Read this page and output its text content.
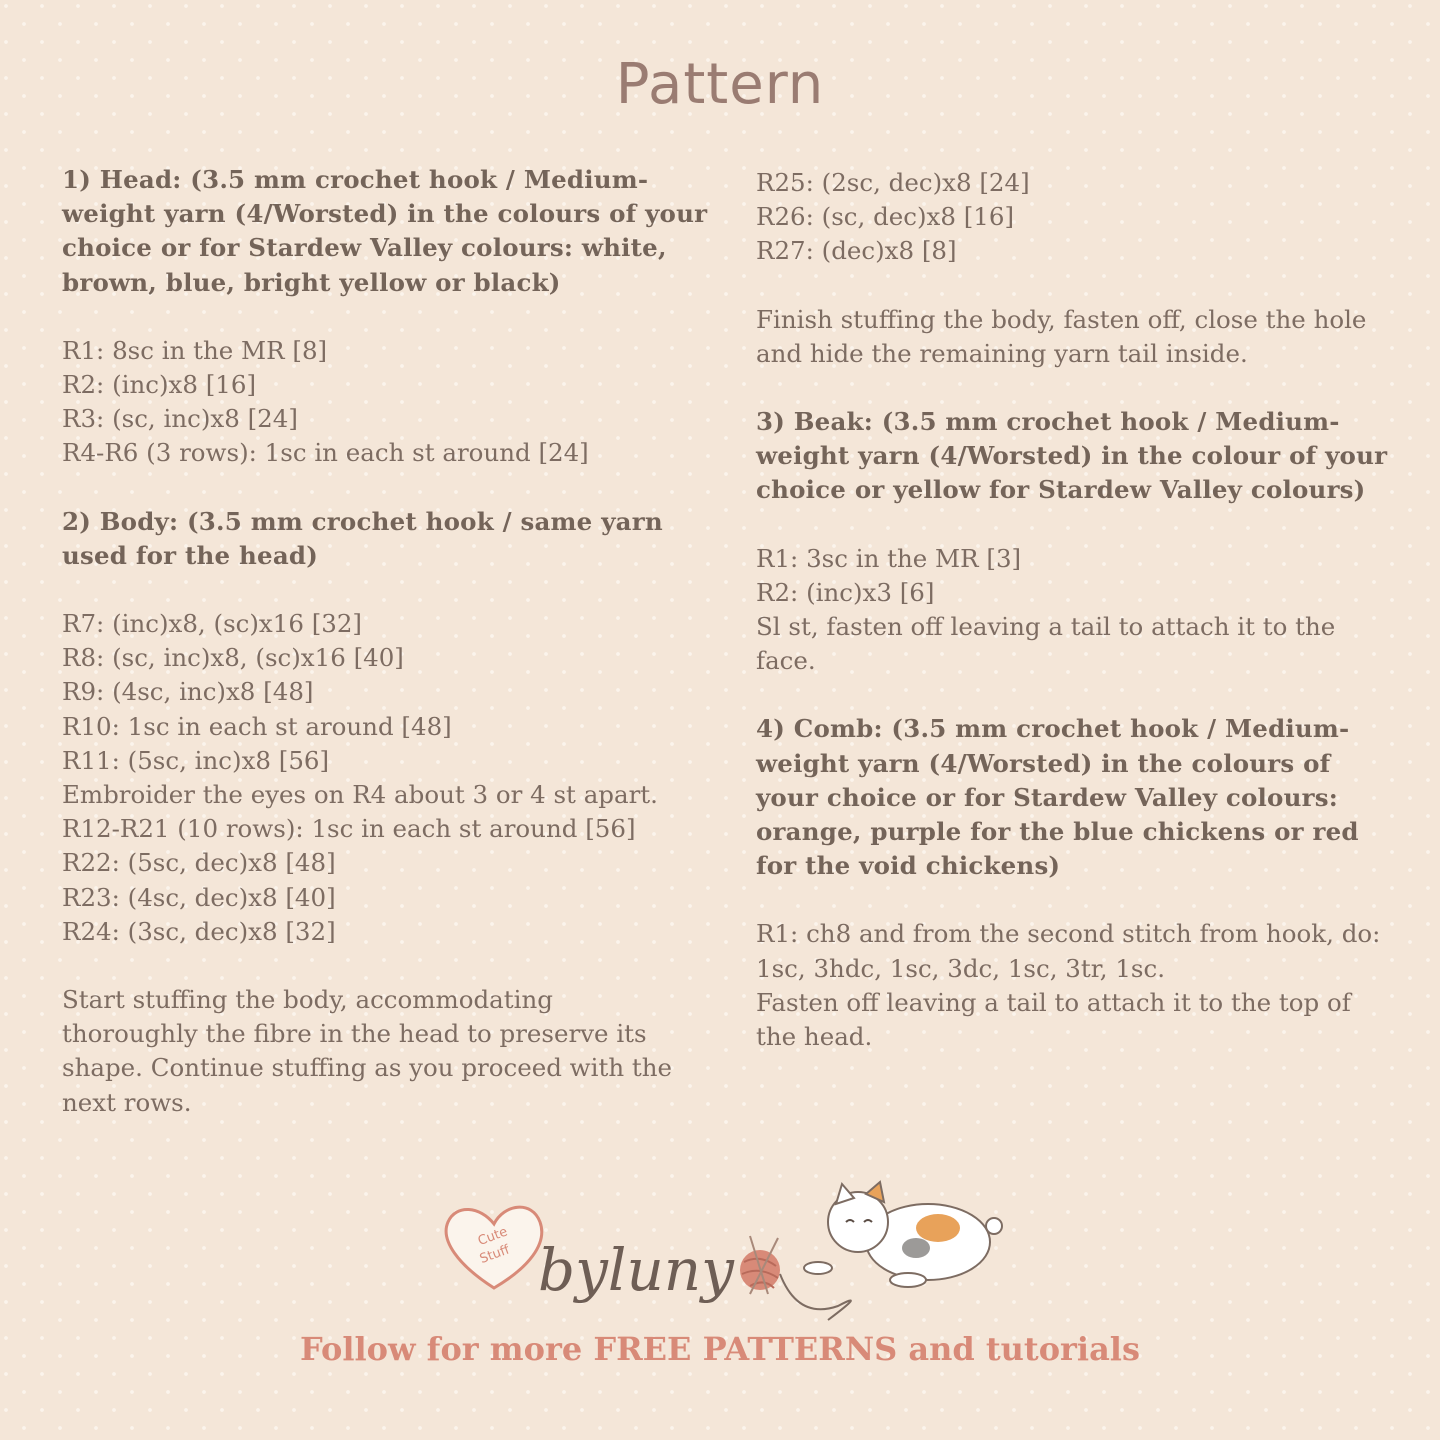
Pattern

1) Head: (3.5 mm crochet hook / Medium-weight yarn (4/Worsted) in the colours of your choice or for Stardew Valley colours: white, brown, blue, bright yellow or black)

R1: 8sc in the MR [8]

R2: (inc)x8 [16]

R3: (sc, inc)x8 [24]

R4-R6 (3 rows): 1sc in each st around [24]

2) Body: (3.5 mm crochet hook / same yarn used for the head)

R7: (inc)x8, (sc)x16 [32]

R8: (sc, inc)x8, (sc)x16 [40]

R9: (4sc, inc)x8 [48]

R10: 1sc in each st around [48]

R11: (5sc, inc)x8 [56]

Embroider the eyes on R4 about 3 or 4 st apart.

R12-R21 (10 rows): 1sc in each st around [56]

R22: (5sc, dec)x8 [48]

R23: (4sc, dec)x8 [40]

R24: (3sc, dec)x8 [32]

Start stuffing the body, accommodating thoroughly the fibre in the head to preserve its shape. Continue stuffing as you proceed with the next rows.

R25: (2sc, dec)x8 [24]

R26: (sc, dec)x8 [16]

R27: (dec)x8 [8]

Finish stuffing the body, fasten off, close the hole and hide the remaining yarn tail inside.

3) Beak: (3.5 mm crochet hook / Medium-weight yarn (4/Worsted) in the colour of your choice or yellow for Stardew Valley colours)

R1: 3sc in the MR [3]

R2: (inc)x3 [6]

Sl st, fasten off leaving a tail to attach it to the face.

4) Comb: (3.5 mm crochet hook / Medium-weight yarn (4/Worsted) in the colours of your choice or for Stardew Valley colours: orange, purple for the blue chickens or red for the void chickens)

R1: ch8 and from the second stitch from hook, do: 1sc, 3hdc, 1sc, 3dc, 1sc, 3tr, 1sc.

Fasten off leaving a tail to attach it to the top of the head.

Cute
Stuff byluny
Follow for more FREE PATTERNS and tutorials
